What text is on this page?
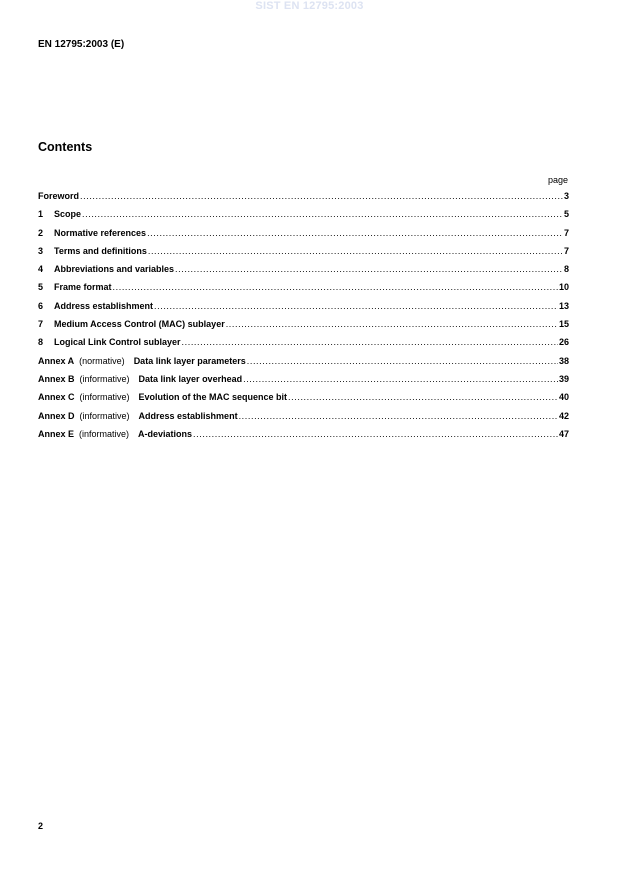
SIST EN 12795:2003
EN 12795:2003 (E)
Contents
page
Foreword .....	3
1	Scope .....	5
2	Normative references .....	7
3	Terms and definitions .....	7
4	Abbreviations and variables .....	8
5	Frame format .....	10
6	Address establishment .....	13
7	Medium Access Control (MAC) sublayer .....	15
8	Logical Link Control sublayer .....	26
Annex A (normative) Data link layer parameters .....	38
Annex B (informative) Data link layer overhead .....	39
Annex C (informative) Evolution of the MAC sequence bit .....	40
Annex D (informative) Address establishment .....	42
Annex E (informative) A-deviations .....	47
2
